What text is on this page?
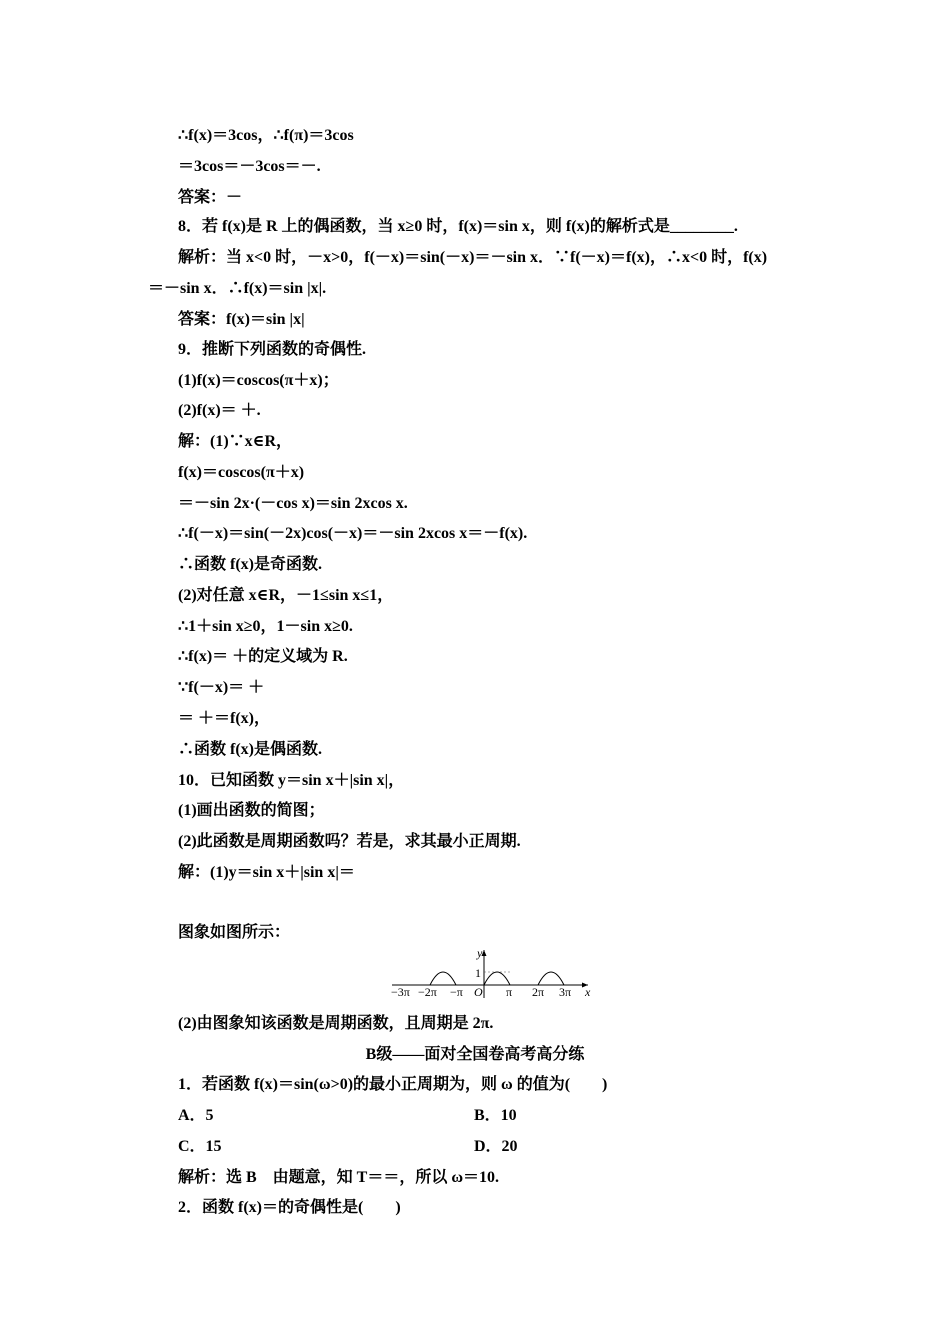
∴f(x)＝3cos，∴f(π)＝3cos
＝3cos＝－3cos＝－.
答案：－
8．若 f(x)是 R 上的偶函数，当 x≥0 时，f(x)＝sin x，则 f(x)的解析式是________.
解析：当 x<0 时，－x>0，f(－x)＝sin(－x)＝－sin x．∵f(－x)＝f(x)，∴x<0 时，f(x)
＝－sin x．∴f(x)＝sin |x|.
答案：f(x)＝sin |x|
9．推断下列函数的奇偶性.
(1)f(x)＝coscos(π＋x)；
(2)f(x)＝ ＋.
解：(1)∵x∈R，
f(x)＝coscos(π＋x)
＝－sin 2x·(－cos x)＝sin 2xcos x.
∴f(－x)＝sin(－2x)cos(－x)＝－sin 2xcos x＝－f(x).
∴函数 f(x)是奇函数.
(2)对任意 x∈R，－1≤sin x≤1，
∴1＋sin x≥0，1－sin x≥0.
∴f(x)＝ ＋的定义域为 R.
∵f(－x)＝ ＋
＝ ＋＝f(x)，
∴函数 f(x)是偶函数.
10．已知函数 y＝sin x＋|sin x|，
(1)画出函数的简图；
(2)此函数是周期函数吗？若是，求其最小正周期.
解：(1)y＝sin x＋|sin x|＝
图象如图所示：
y
x
1
O
−3π −2π −π	π 2π 3π
(2)由图象知该函数是周期函数，且周期是 2π.
B级——面对全国卷高考高分练
1．若函数 f(x)＝sin(ω>0)的最小正周期为，则 ω 的值为(　　)
A．5	B．10
C．15	D．20
解析：选 B　由题意，知 T＝＝，所以 ω＝10.
2．函数 f(x)＝的奇偶性是(　　)
